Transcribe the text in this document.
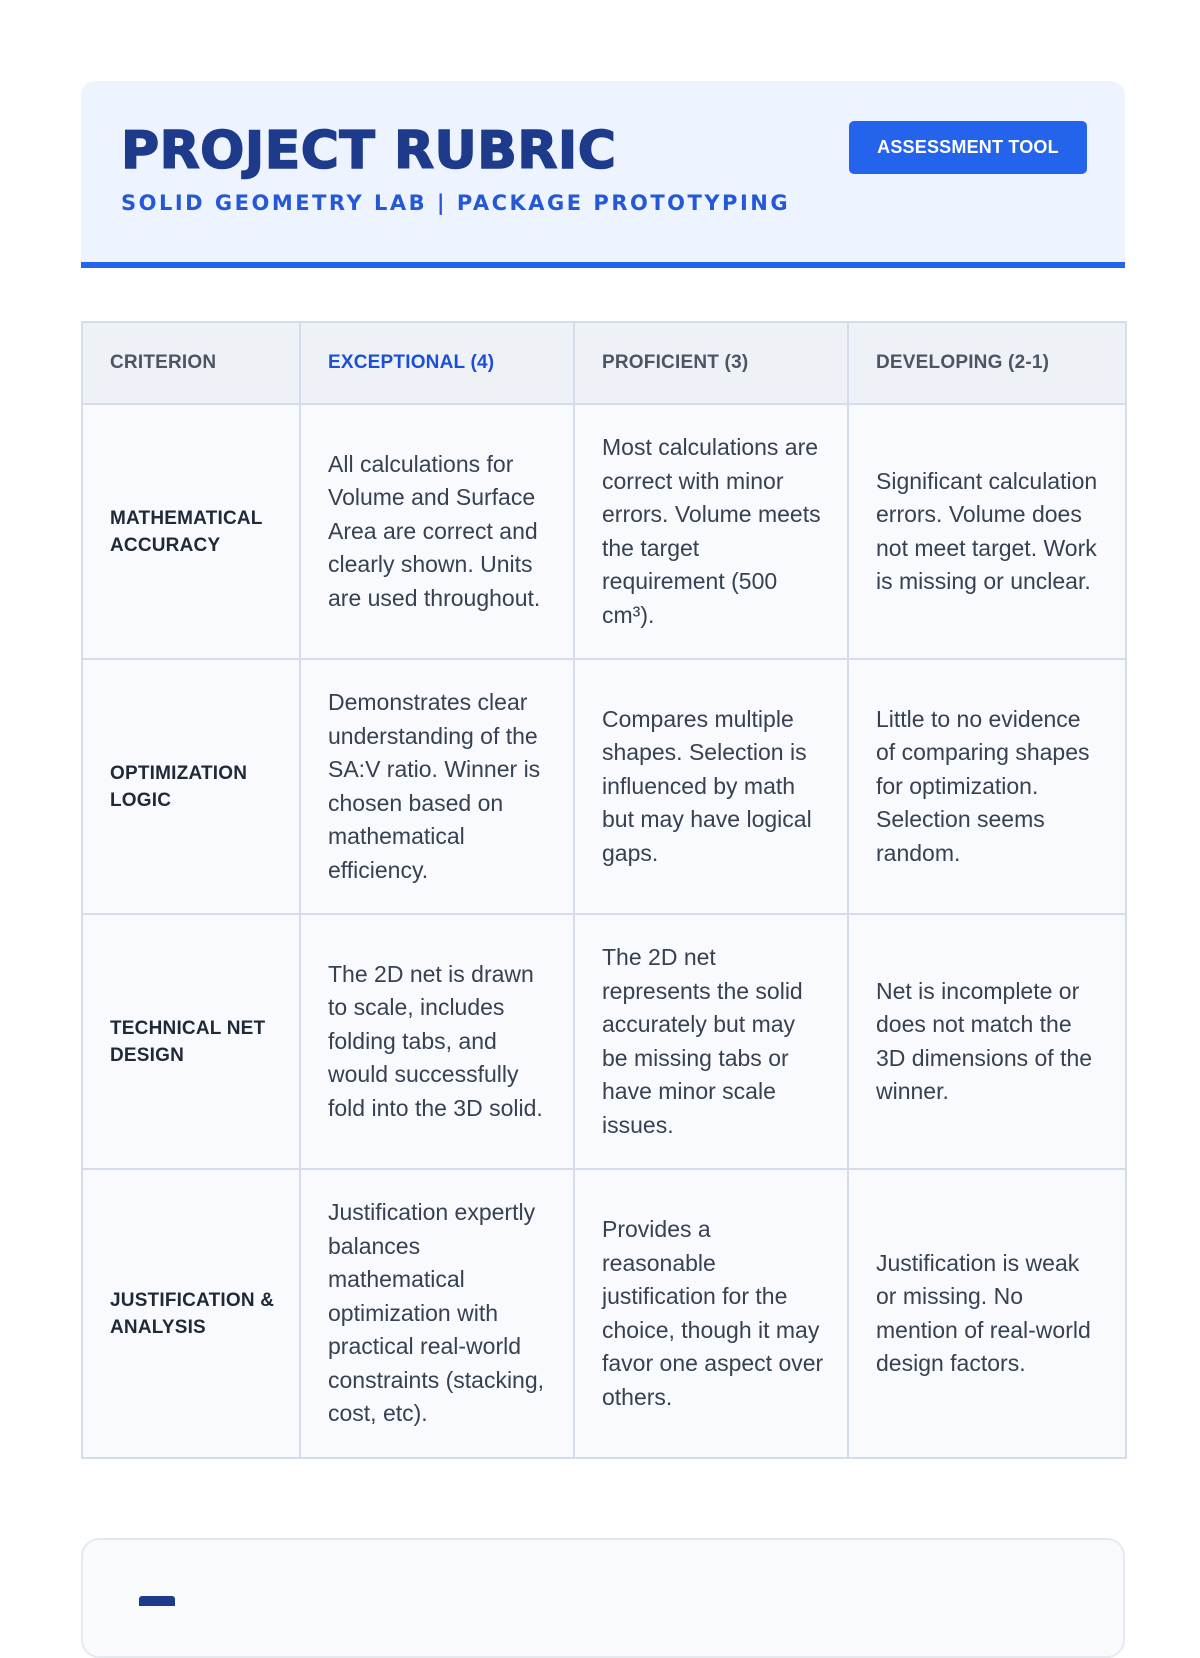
PROJECT RUBRIC
SOLID GEOMETRY LAB | PACKAGE PROTOTYPING
ASSESSMENT TOOL
CRITERION	EXCEPTIONAL (4)	PROFICIENT (3)	DEVELOPING (2-1)
MATHEMATICAL ACCURACY	All calculations for Volume and Surface Area are correct and clearly shown. Units are used throughout.	Most calculations are correct with minor errors. Volume meets the target requirement (500 cm³).	Significant calculation errors. Volume does not meet target. Work is missing or unclear.
OPTIMIZATION LOGIC	Demonstrates clear understanding of the SA:V ratio. Winner is chosen based on mathematical efficiency.	Compares multiple shapes. Selection is influenced by math but may have logical gaps.	Little to no evidence of comparing shapes for optimization. Selection seems random.
TECHNICAL NET DESIGN	The 2D net is drawn to scale, includes folding tabs, and would successfully fold into the 3D solid.	The 2D net represents the solid accurately but may be missing tabs or have minor scale issues.	Net is incomplete or does not match the 3D dimensions of the winner.
JUSTIFICATION & ANALYSIS	Justification expertly balances mathematical optimization with practical real-world constraints (stacking, cost, etc).	Provides a reasonable justification for the choice, though it may favor one aspect over others.	Justification is weak or missing. No mention of real-world design factors.
